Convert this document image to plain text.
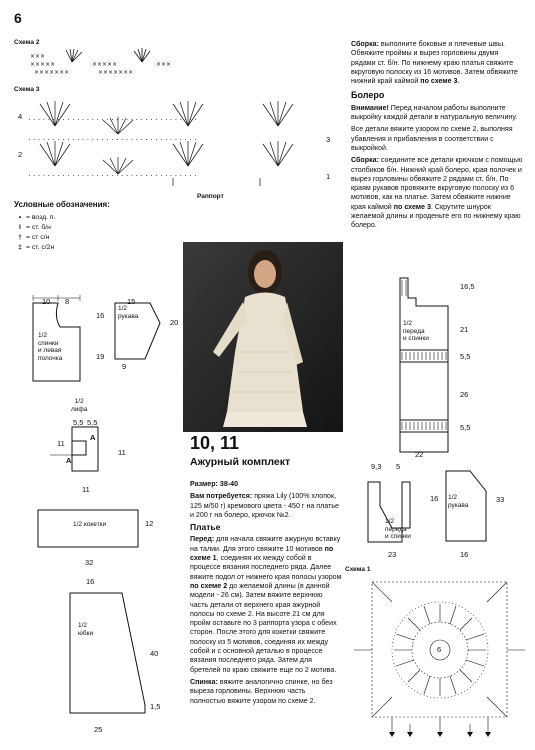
6
Схема 2
×××××	×××××	×××
×××××××	×××××××
×××
Схема 3
· · · · · · · · · · · · · · · · · · · · · · · · · · · · · · · · · · ·
· · · · · · · · · · · · · · · · · · · · · · · · · · · · · · · · · · ·
· · · · · · · · · · · · · · · · · · · · · · · · · · · · · · · · · · ·
4
2
3
1
Раппорт
Условные обозначения:
• = возд. п.
I = ст. б/н
† = ст с/н
‡ = ст. с/2н
10 8
16
19
1/2
спинки
и левая
полочка
15
20
9
1/2
рукава
1/2
лифа
5,5 5,5
11
11
A
A
11
1/2 кокетки	12
32
16
1/2
юбки
40
1,5
25
10, 11
Ажурный комплект

Размер: 38-40

Вам потребуется: пряжа Lily (100% хлопок, 125 м/50 г) кремового цвета - 450 г на платье и 200 г на болеро, крючок №2.

Платье

Перед: для начала свяжите ажурную вставку на талии. Для этого свяжите 10 мотивов по схеме 1, соединяя их между собой в процессе вязания последнего ряда. Далее вяжите подол от нижнего края полосы узором по схеме 2 до желаемой длины (в данной модели - 26 см). Затем вяжите верхнюю часть детали от верхнего края ажурной полосы по схеме 2. На высоте 21 см для пройм оставьте по 3 раппорта узора с обеих сторон. После этого для кокетки свяжите полоску из 5 мотивов, соединяя их между собой и с основной деталью в процессе вязания последнего ряда. Затем для бретелей по краю свяжите еще по 2 мотива.

Спинка: вяжите аналогично спинке, но без выреза горловины. Верхнюю часть полностью вяжите узором по схеме 2.

Сборка: выполните боковые и плечевые швы. Обвяжите проймы и вырез горловины двумя рядами ст. б/н. По нижнему краю платья свяжите вкруговую полоску из 16 мотивов. Затем обвяжите нижний край каймой по схеме 3.

Болеро

Внимание! Перед началом работы выполните выкройку каждой детали в натуральную величину.

Все детали вяжите узором по схеме 2, выполняя убавления и прибавления в соответствии с выкройкой.

Сборка: соедините все детали крючком с помощью столбиков б/н. Нижний край болеро, края полочек и вырез горловины обвяжите 2 рядами ст. б/н. По краям рукавов провяжите вкруговую полоску из 6 мотивов, как на платье. Затем обвяжите нижние края каймой по схеме 3. Скрутите шнурок желаемой длины и проденьте его по нижнему краю болеро.

1/2
переда
и спинки
16,5
21
5,5
26
5,5
22
9,3 5
1/2
переда
и спинки
16
23
1/2
рукава
33
16
Схема 1
6
